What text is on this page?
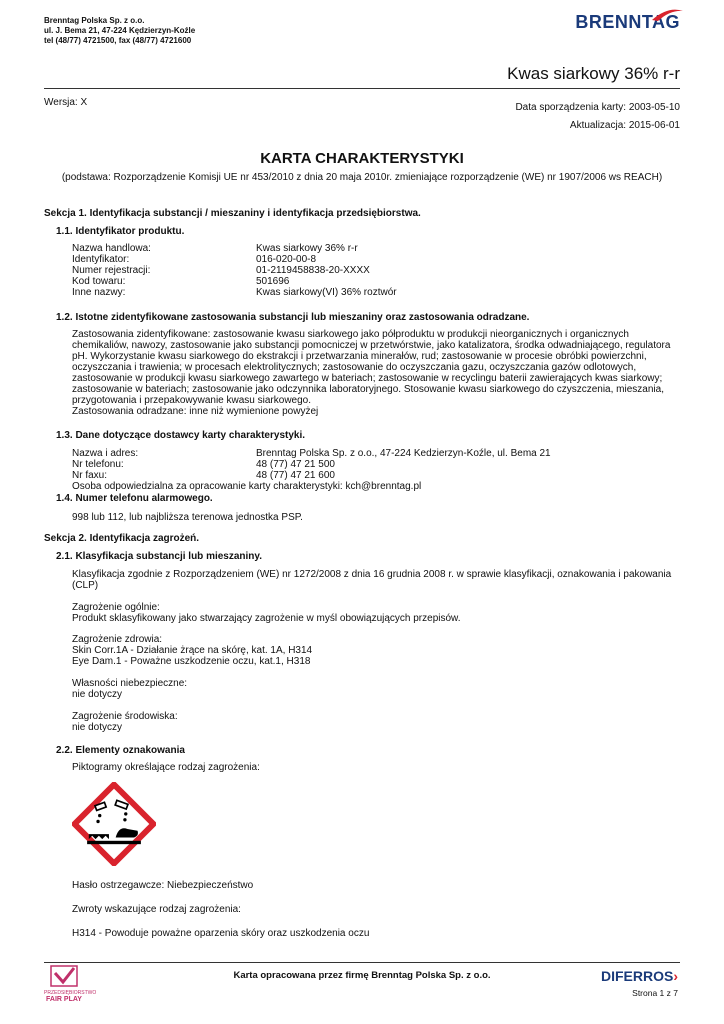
Brenntag Polska Sp. z o.o.
ul. J. Bema 21, 47-224 Kędzierzyn-Koźle
tel (48/77) 4721500, fax (48/77) 4721600
BRENNTAG
Kwas siarkowy 36% r-r
Wersja: X	Data sporządzenia karty: 2003-05-10
Aktualizacja: 2015-06-01
KARTA CHARAKTERYSTYKI
(podstawa: Rozporządzenie Komisji UE nr 453/2010 z dnia 20 maja 2010r. zmieniające rozporządzenie (WE) nr 1907/2006 ws REACH)
Sekcja 1. Identyfikacja substancji / mieszaniny i identyfikacja przedsiębiorstwa.
1.1. Identyfikator produktu.
Nazwa handlowa:	Kwas siarkowy 36% r-r
Identyfikator:	016-020-00-8
Numer rejestracji:	01-2119458838-20-XXXX
Kod towaru:	501696
Inne nazwy:	Kwas siarkowy(VI) 36% roztwór
1.2. Istotne zidentyfikowane zastosowania substancji lub mieszaniny oraz zastosowania odradzane.
Zastosowania zidentyfikowane: zastosowanie kwasu siarkowego jako półproduktu w produkcji nieorganicznych i organicznych
chemikaliów, nawozy, zastosowanie jako substancji pomocniczej w przetwórstwie, jako katalizatora, środka odwadniającego, regulatora
pH. Wykorzystanie kwasu siarkowego do ekstrakcji i przetwarzania minerałów, rud; zastosowanie w procesie obróbki powierzchni,
oczyszczania i trawienia; w procesach elektrolitycznych; zastosowanie do oczyszczania gazu, oczyszczania gazów odlotowych,
zastosowanie w produkcji kwasu siarkowego zawartego w bateriach; zastosowanie w recyclingu baterii zawierających kwas siarkowy;
zastosowanie w bateriach; zastosowanie jako odczynnika laboratoryjnego. Stosowanie kwasu siarkowego do czyszczenia, mieszania,
przygotowania i przepakowywanie kwasu siarkowego.
Zastosowania odradzane: inne niż wymienione powyżej
1.3. Dane dotyczące dostawcy karty charakterystyki.
Nazwa i adres:	Brenntag Polska Sp. z o.o., 47-224 Kedzierzyn-Koźle, ul. Bema 21
Nr telefonu:	48 (77) 47 21 500
Nr faxu:	48 (77) 47 21 600
Osoba odpowiedzialna za opracowanie karty charakterystyki: kch@brenntag.pl
1.4. Numer telefonu alarmowego.
998 lub 112, lub najbliższa terenowa jednostka PSP.
Sekcja 2. Identyfikacja zagrożeń.
2.1. Klasyfikacja substancji lub mieszaniny.
Klasyfikacja zgodnie z Rozporządzeniem (WE) nr 1272/2008 z dnia 16 grudnia 2008 r. w sprawie klasyfikacji, oznakowania i pakowania
(CLP)
Zagrożenie ogólnie:
Produkt sklasyfikowany jako stwarzający zagrożenie w myśl obowiązujących przepisów.
Zagrożenie zdrowia:
Skin Corr.1A - Działanie żrące na skórę, kat. 1A, H314
Eye Dam.1 - Poważne uszkodzenie oczu, kat.1, H318
Własności niebezpieczne:
nie dotyczy
Zagrożenie środowiska:
nie dotyczy
2.2. Elementy oznakowania
Piktogramy określające rodzaj zagrożenia:
Hasło ostrzegawcze: Niebezpieczeństwo
Zwroty wskazujące rodzaj zagrożenia:
H314 - Powoduje poważne oparzenia skóry oraz uszkodzenia oczu
PRZEDSIĘBIORSTWO
FAIR PLAY
Karta opracowana przez firmę Brenntag Polska Sp. z o.o.	DIFERROS›
Strona 1 z 7
